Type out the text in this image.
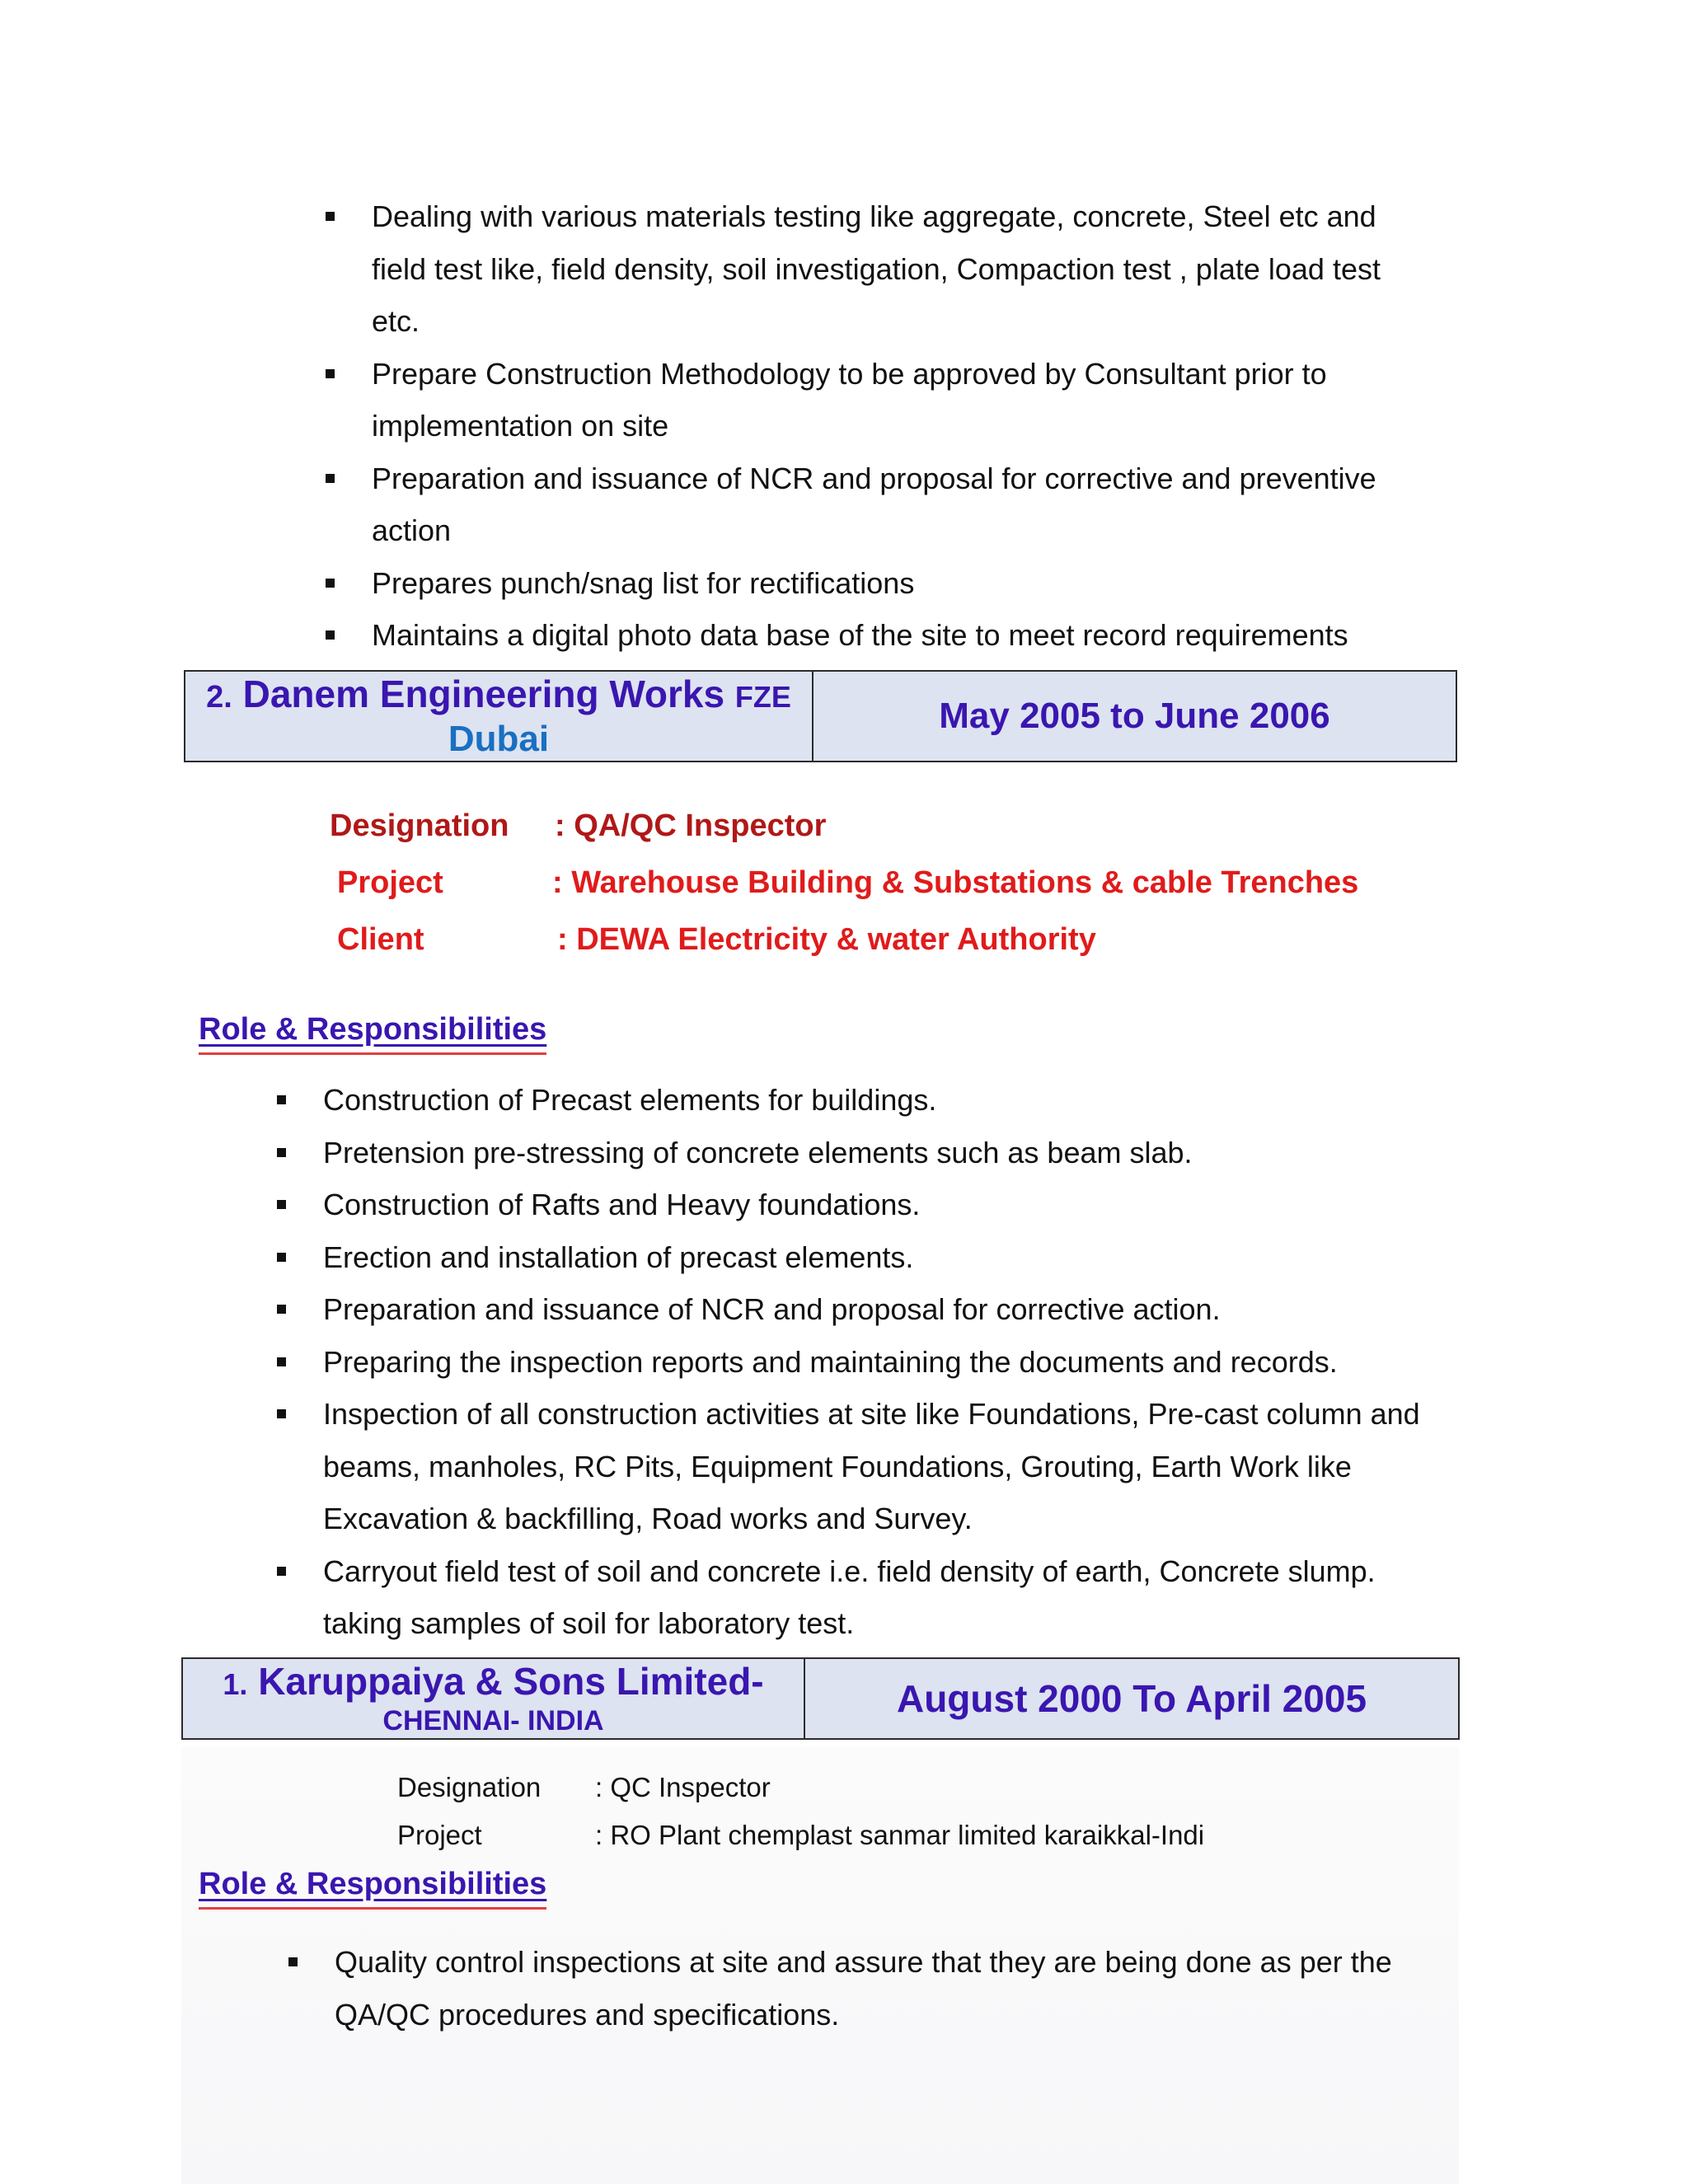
Dealing with various materials testing like aggregate, concrete, Steel etc and field test like, field density, soil investigation, Compaction test , plate load test etc.
Prepare Construction Methodology to be approved by Consultant prior to implementation on site
Preparation and issuance of NCR and proposal for corrective and preventive action
Prepares punch/snag list for rectifications
Maintains a digital photo data base of the site to meet record requirements
2. Danem Engineering Works FZE
Dubai
May 2005 to June 2006
Designation : QA/QC Inspector
Project	: Warehouse Building & Substations & cable Trenches
Client	: DEWA Electricity & water Authority
Role & Responsibilities
Construction of Precast elements for buildings.
Pretension pre-stressing of concrete elements such as beam slab.
Construction of Rafts and Heavy foundations.
Erection and installation of precast elements.
Preparation and issuance of NCR and proposal for corrective action.
Preparing the inspection reports and maintaining the documents and records.
Inspection of all construction activities at site like Foundations, Pre-cast column and beams, manholes, RC Pits, Equipment Foundations, Grouting, Earth Work like Excavation & backfilling, Road works and Survey.
Carryout field test of soil and concrete i.e. field density of earth, Concrete slump. taking samples of soil for laboratory test.
1. Karuppaiya & Sons Limited-
CHENNAI- INDIA
August 2000 To April 2005
Designation : QC Inspector
Project	: RO Plant chemplast sanmar limited karaikkal-Indi
Role & Responsibilities
Quality control inspections at site and assure that they are being done as per the QA/QC procedures and specifications.
